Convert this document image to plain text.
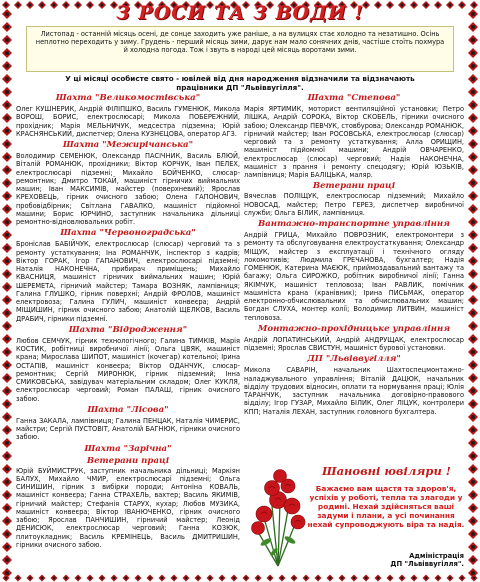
З РОСИ ТА З ВОДИ !
Листопад - останній місяць осені, де сонце заходить уже раніше, а на вулицях стає холодно та незатишно. Осінь неплотно переходить у зиму. Грудень - перший місяць зими, дарує нам мало сонячних днів, частіше стоїть похмура й холодна погода. Тож і звуть в народі цей місяць воротами зими.
У ці місяці особисте свято - ювілей від дня народження відзначили та відзначають працівники ДП "Львіввугілля".
Шахта "Великомостівська"
Олег КУШНЕРИК, Андрій ФІЛІПШКО, Василь ГУМЕНЮК, Микола ВОРОШ, БОРИС, електрослюсарі; Микола ПОБЕРЕЖНИЙ, прохідник; Марія МЕЛЬНИЧУК, медсестра підземна; Юрій КРАСНЯНСЬКИЙ, диспетчер; Олена КУЗНЄЦОВА, оператор АГЗ.
Шахта "Межирічанська"
Володимир СЕМЕНЮК, Олександр ПАСІЧНИК, Василь БЛЮЙ, Віталій РОМАНЮК, прохідники; Віктор КОРЧУК, Іван ПЕЛЕХ, електрослюсарі підземні; Михайло БОЙЧЕНКО, слюсар-ремонтник; Дмитро ТОКАЙ, машиніст гірничих виймальних машин; Іван МАКСИМІВ, майстер (поверхневий); Ярослав КРЕХОВЕЦЬ, гірник очисного забою; Олена ГАПОНОВИЧ, пробовідбірник; Світлана ГАВАЛКО, машиніст підйомної машини; Борис ЮРЧИНО, заступник начальника дільниці ремонтно-відновлювальних робіт.
Шахта "Червоноградська"
Броніслав БАБІЙЧУК, електрослюсар (слюсар) черговий та з ремонту устаткування; Іна РОМАНЧУК, інспектор з кадрів; Віктор ГОРАК, Ігор ГАПАНОВИЧ, електрослюсарі підземні; Наталія НАКОНЕЧНА, прибирач приміщень; Михайло КВАСНИЦЯ, машиніст гірничих виймальних машин; Юрій ШЕРЕМЕТА, гірничий майстер; Тамара ВОЗНЯК, лампівниця; Галина ГЛУШКО, гірник поверхні; Андрій ФРОЛОВ, машиніст електровоза; Галина ГУЛИЧ, машиніст конвеєра; Андрій МІЩИШИН, гірник очисного забою; Анатолій ЩЕЛКОВ, Василь ДРАБИЧ, гірники підземні.
Шахта "Відродження"
Любов СЕМЧУК, гірник технологічного; Галина ТИМКІВ, Марія КОСТИК, робітниці виробничої лінії; Ольга ЦВЯК, машиніст крана; Мирослава ШИПОТ, машиніст (кочегар) котельної; Ірина ОСТАПІВ, машиніст конвеєра; Віктор ОДАНЧУК, слюсар-ремонтник; Сергій МИРОНЮК, гірник підземний; Інна СМИКОВСЬКА, завідувач матеріальним складом; Олег КУКЛЯ, електрослюсар черговий; Роман ПАЛАШ, гірник очисного забою.
Шахта "Лісова"
Ганна ЗАКАЛА, лампівниця; Галина ПЕНЦАК, Наталія ЧИМЕРИС, майстри; Сергій ПУСТОВІТ, Анатолій БАГНЮК, гірники очисного забою.
Шахта "Зарічна"
Ветерани праці
Юрій БУЙМИСТРУК, заступник начальника дільниці; Маркіян БАЛУХ, Михайло ЧМИР, електрослюсарі підземні; Ольга СИНИШИН, гірник з вибірки породи; Антоніна КОВАЛЬ, машиніст конвеєра; Ганна СТРАХЕЛЬ, вахтер; Василь ЯКИМІВ, гірничий майстер; Стефанія СТАРУХ, кухар; Любов МУЗИКА, машиніст конвеєра; Віктор ІВАНЮЧЕНКО, гірник очисного забою; Ярослав ПАНЧИШИН, гірничий майстер; Леонід ДЕНИСЮК, електрослюсар черговий; Ганна КОЗЮК, плитоукладник; Василь КРЕМІНЕЦЬ, Василь ДМИТРИШИН, гірники очисного забою.
Шахта "Степова"
Марія ЯРТИМИК, моторист вентиляційної установки; Петро ЛІШКА, Андрій СОРОКА, Віктор СКОБЕЛЬ, гірники очисного забою; Олександр ПЕВЧУК, стовбурова; Олександр РОМАНЮК, гірничий майстер; Іван РОСОВСЬКА, електрослюсар (слюсар) черговий та з ремонту устаткування; Алла ОРИЩИН, машиніст підйомної машини; Андрій ОВЧАРЕНКО, електрослюсар (слюсар) черговий; Надія НАКОНЕЧНА, машиніст з прання і ремонту спецодягу; Юрій ЮЗЬКІВ, лампівниця; Марія БАЛІЦЬКА, маляр.
Ветерани праці
Вячеслав ПОЛІЩУК, електрослюсар підземний; Михайло НОВОСАД, майстер; Петро ГЕРЕЗ, диспетчер виробничої служби; Ольга БІЛИК, лампівниця.
Вантажно-транспортне управління
Андрій ГРИЦА, Михайло ПОВРОЗНИК, електромонтери з ремонту та обслуговування електроустаткування; Олександр МІЩУК, майстер з експлуатації і технічного огляду локомотивів; Людмила ГРЕЧАНОВА, бухгалтер; Надія ГОМЕНЮК, Катерина МАЄЮК, приймоздавальний вантажу та багажу; Ольга СИРОЖКО, робітник виробничої лінії; Ганна ЯКІМЧУК, машиніст тепловоза; Іван РАВЛИК, помічник машиніста крана (кранівник); Ірина ПИСЬМАК, оператор електронно-обчислювальних та обчислювальних машин; Богдан СЛУХА, монтер колії; Володимир ЛИТВИН, машиніст тепловоза.
Монтажно-прохідницьке управління
Андрій ЛОПАТИНСЬКИЙ, Андрій АНДРУЩАК, електрослюсар підземні; Ярослав СВИСТУН, машиніст бурової установки.
ДП "Львіввугілля"
Микола САВАРІН, начальник Шахтоспецмонтажно-наладжувального управління; Віталій ДАЦЮК, начальник відділу трудових відносин, оплати та нормування праці; Юлія ТАРАНЧУК, заступник начальника договірно-правового відділу; Ігор ГУЗАР, Михайло БІЛИК, Олег ЛІЦУК, контролери КПП; Наталія ЛЕХАН, заступник головного бухгалтера.
Шановні ювіляри !
Бажаємо вам щастя та здоров'я, успіхів у роботі, тепла та злагоди у родині. Нехай здійсняться ваші задуми і плани, а усі починання нехай супроводжують віра та надія.
Адміністрація
ДП "Львіввугілля".
